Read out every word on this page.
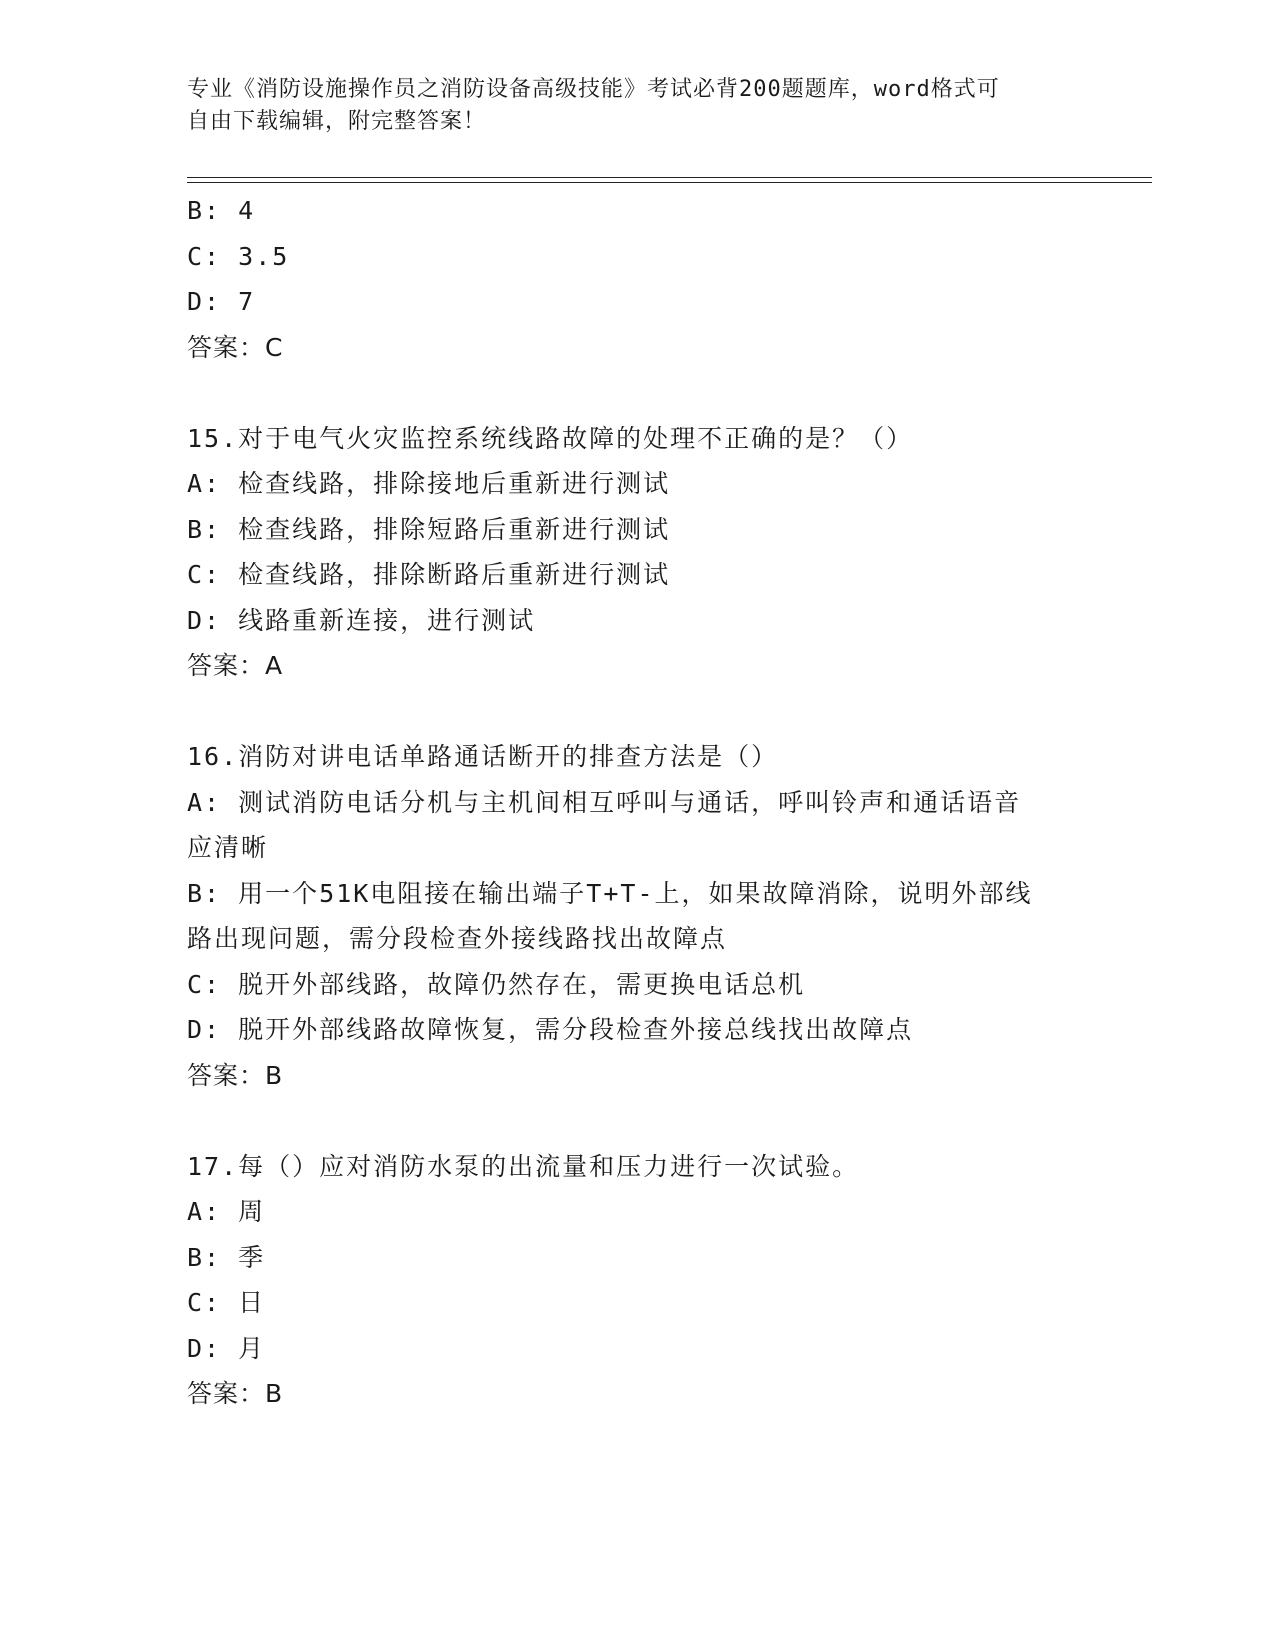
专业《消防设施操作员之消防设备高级技能》考试必背200题题库，word格式可
自由下载编辑，附完整答案！
B: 4
C: 3.5
D: 7
答案：C
15.对于电气火灾监控系统线路故障的处理不正确的是？（）
A: 检查线路，排除接地后重新进行测试
B: 检查线路，排除短路后重新进行测试
C: 检查线路，排除断路后重新进行测试
D: 线路重新连接，进行测试
答案：A
16.消防对讲电话单路通话断开的排查方法是（）
A: 测试消防电话分机与主机间相互呼叫与通话，呼叫铃声和通话语音
应清晰
B: 用一个51K电阻接在输出端子T+T-上，如果故障消除，说明外部线
路出现问题，需分段检查外接线路找出故障点
C: 脱开外部线路，故障仍然存在，需更换电话总机
D: 脱开外部线路故障恢复，需分段检查外接总线找出故障点
答案：B
17.每（）应对消防水泵的出流量和压力进行一次试验。
A: 周
B: 季
C: 日
D: 月
答案：B
